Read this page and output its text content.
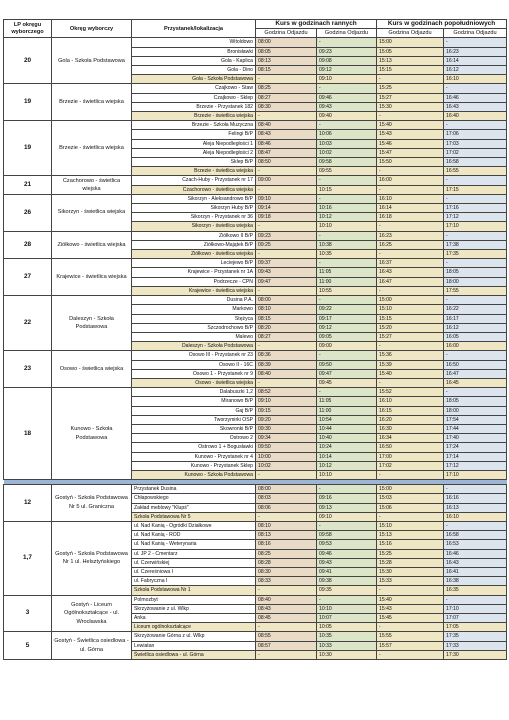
LP okręgu wyborczego	Okręg wyborczy	Przystanek/lokalizacja	Kurs w godzinach rannych		Kurs w godzinach popołudniowych	
			Godzina Odjazdu	Godzina Odjazdu	Godzina Odjazdu	Godzina Odjazdu
20	Gola - Szkoła Podstawowa	Witoldowo	08:00	-	15:00	-
		Bronisławki	08:05	09:23	15:05	16:23
		Gola - Kaplica	08:13	09:08	15:13	16:14
		Gola - Dino	08:15	09:12	15:15	16:12
		Gola - Szkoła Podstawowa	-	09:10	-	16:10
19	Brzezie - świetlica wiejska	Czajkowo - Staw	08:25	-	15:25	-
		Czajkowo - Sklep	08:27	09:46	15:27	16:46
		Brzezie - Przystanek 182	08:30	09:43	15:30	16:43
		Brzezie - świetlica wiejska	-	09:40	-	16:40
19	Brzezie - świetlica wiejska	Brzezie - Szkoła Muzyczna	08:40	-	15:40	-
		Felingi B/P	08:43	10:06	15:43	17:06
		Aleja Niepodległości 1	08:46	10:03	15:46	17:03
		Aleja Niepodległości 2	08:47	10:02	15:47	17:02
		Sklep B/P	08:50	09:58	15:50	16:58
		Brzezie - świetlica wiejska	-	09:55	-	16:55
21	Czachorowo - świetlica wiejska	Czach-Huby - Przystanek nr 17	09:00	-	16:00	-
		Czachorowo - świetlica wiejska	-	10:15	-	17:15
26	Sikorzyn - świetlica wiejska	Sikorzyn - Aleksandrowo B/P	09:10	-	16:10	-
		Sikorzyn Huby B/P	09:14	10:16	16:14	17:16
		Sikorzyn - Przystanek nr 36	09:18	10:12	16:18	17:12
		Sikorzyn - świetlica wiejska	-	10:10	-	17:10
28	Ziółkowo - świetlica wiejska	Ziółkowo II B/P	09:23	-	16:23	-
		Ziółkowo-Majątek B/P	09:25	10:38	16:25	17:38
		Ziółkowo - świetlica wiejska	-	10:35	-	17:35
27	Krajewice - świetlica wiejska	Leciejewo B/P	09:37	-	16:37	-
		Krajewice - Przystanek nr 1A	09:43	11:05	16:43	18:05
		Podrzecze - CPN	09:47	11:00	16:47	18:00
		Krajewice - świetlica wiejska	-	10:55	-	17:55
22	Daleszyn - Szkoła Podstawowa	Dusina P.A.	08:00	-	15:00	-
		Markowo	08:10	09:22	15:10	16:22
		Stężyca	08:15	09:17	15:15	16:17
		Szczodrochowo B/P	08:20	09:12	15:20	16:12
		Malewo	08:27	09:05	15:27	16:05
		Daleszyn - Szkoła Podstawowa	-	09:00	-	16:00
23	Osowo - świetlica wiejska	Osowo III - Przystanek nr 23	08:36	-	15:36	-
		Osowo II - 16C	08:39	09:50	15:39	16:50
		Osowo 1 - Przystanek nr 9	08:40	09:47	15:40	16:47
		Osowo - świetlica wiejska	-	09:45	-	16:45
18	Kunowo - Szkoła Podstawowa	Dalabuszki 1,2	08:52	-	15:52	-
		Miranowo B/P	09:10	11:05	16:10	18:05
		Gaj B/P	09:15	11:00	16:15	18:00
		Tworzymirki OSP	09:20	10:54	16:20	17:54
		Skowronki B/P	09:30	10:44	16:30	17:44
		Ostrowo 2	09:34	10:40	16:34	17:40
		Ostrowo 1 + Bogusławki	09:50	10:24	16:50	17:24
		Kunowo - Przystanek nr 4	10:00	10:14	17:00	17:14
		Kunowo - Przystanek Sklep	10:02	10:12	17:02	17:12
		Kunowo - Szkoła Podstawowa	-	10:10	-	17:10

12	Gostyń - Szkoła Podstawowa Nr 5 ul. Graniczna	Przystanek Dusina	08:00	-	15:00	-
		Chłapowskiego	08:03	09:16	15:03	16:16
		Zakład meblowy "Klupś"	08:06	09:13	15:06	16:13
		Szkoła Podstawowa Nr 5	-	09:10	-	16:10
1,7	Gostyń - Szkoła Podstawowa Nr 1 ul. Helsztyńskiego	ul. Nad Kanią - Ogródki Działkowe	08:10	-	15:10	-
		ul. Nad Kanią - ROD	08:13	09:58	15:13	16:58
		ul. Nad Kanią - Weterynaria	08:16	09:53	15:16	16:53
		ul. JP 2 - Cmentarz	08:25	09:46	15:25	16:46
		ul. Czerwińskiej	08:28	09:43	15:28	16:43
		ul. Czereśniowa I	08:30	09:41	15:30	16:41
		ul. Fabryczna I	08:33	09:38	15:33	16:38
		Szkoła Podstawowa Nr 1	-	09:35	-	16:35
3	Gostyń - Liceum Ogólnokształcące - ul. Wrocławska	Polmozbyt	08:40	-	15:40	-
		Skrzyżowanie z ul. Wlkp	08:43	10:10	15:43	17:10
		Anka	08:45	10:07	15:45	17:07
		Liceum ogólnokształcące	-	10:05	-	17:05
5	Gostyń - Świetlica osiedlowa - ul. Górna	Skrzyżowanie Górna z ul. Wlkp	08:55	10:35	15:55	17:35
		Lewiatan	08:57	10:33	15:57	17:33
		Świetlica osiedlowa - ul. Górna	-	10:30	-	17:30
